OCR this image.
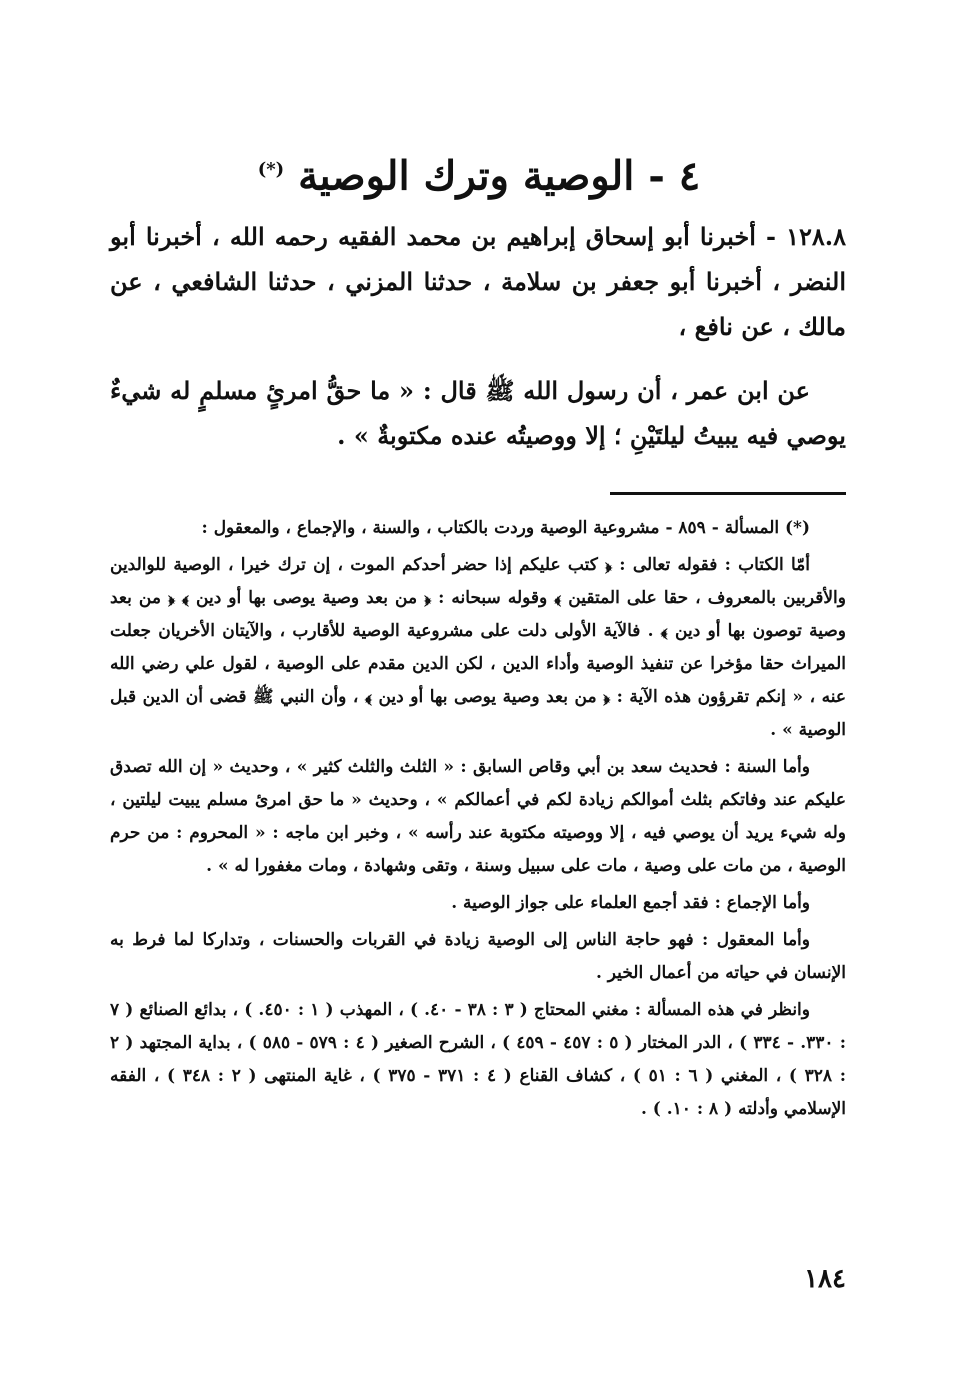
٤ - الوصية وترك الوصية (*)

١٢٨.٨ - أخبرنا أبو إسحاق إبراهيم بن محمد الفقيه رحمه الله ، أخبرنا أبو النضر ، أخبرنا أبو جعفر بن سلامة ، حدثنا المزني ، حدثنا الشافعي ، عن مالك ، عن نافع ،

عن ابن عمر ، أن رسول الله ﷺ قال : « ما حقُّ امرئٍ مسلمٍ له شيءٌ يوصي فيه يبيتُ ليلتَيْنِ ؛ إلا ووصيتُه عنده مكتوبةٌ » .

(*) المسألة - ٨٥٩ - مشروعية الوصية وردت بالكتاب ، والسنة ، والإجماع ، والمعقول :

أمّا الكتاب : فقوله تعالى : ﴿ كتب عليكم إذا حضر أحدكم الموت ، إن ترك خيرا ، الوصية للوالدين والأقربين بالمعروف ، حقا على المتقين ﴾ وقوله سبحانه : ﴿ من بعد وصية يوصى بها أو دين ﴾ ﴿ من بعد وصية توصون بها أو دين ﴾ . فالآية الأولى دلت على مشروعية الوصية للأقارب ، والآيتان الأخريان جعلت الميراث حقا مؤخرا عن تنفيذ الوصية وأداء الدين ، لكن الدين مقدم على الوصية ، لقول علي رضي الله عنه ، « إنكم تقرؤون هذه الآية : ﴿ من بعد وصية يوصى بها أو دين ﴾ ، وأن النبي ﷺ قضى أن الدين قبل الوصية » .

وأما السنة : فحديث سعد بن أبي وقاص السابق : « الثلث والثلث كثير » ، وحديث « إن الله تصدق عليكم عند وفاتكم بثلث أموالكم زيادة لكم في أعمالكم » ، وحديث « ما حق امرئ مسلم يبيت ليلتين ، وله شيء يريد أن يوصي فيه ، إلا ووصيته مكتوبة عند رأسه » ، وخبر ابن ماجه : « المحروم : من حرم الوصية ، من مات على وصية ، مات على سبيل وسنة ، وتقى وشهادة ، ومات مغفورا له » .

وأما الإجماع : فقد أجمع العلماء على جواز الوصية .

وأما المعقول : فهو حاجة الناس إلى الوصية زيادة في القربات والحسنات ، وتداركا لما فرط به الإنسان في حياته من أعمال الخير .

وانظر في هذه المسألة : مغني المحتاج ( ٣ : ٣٨ - ٤٠. ) ، المهذب ( ١ : ٤٥٠. ) ، بدائع الصنائع ( ٧ : ٣٣٠. - ٣٣٤ ) ، الدر المختار ( ٥ : ٤٥٧ - ٤٥٩ ) ، الشرح الصغير ( ٤ : ٥٧٩ - ٥٨٥ ) ، بداية المجتهد ( ٢ : ٣٢٨ ) ، المغني ( ٦ : ٥١ ) ، كشاف القناع ( ٤ : ٣٧١ - ٣٧٥ ) ، غاية المنتهى ( ٢ : ٣٤٨ ) ، الفقه الإسلامي وأدلته ( ٨ : ١٠. ) .

١٨٤
